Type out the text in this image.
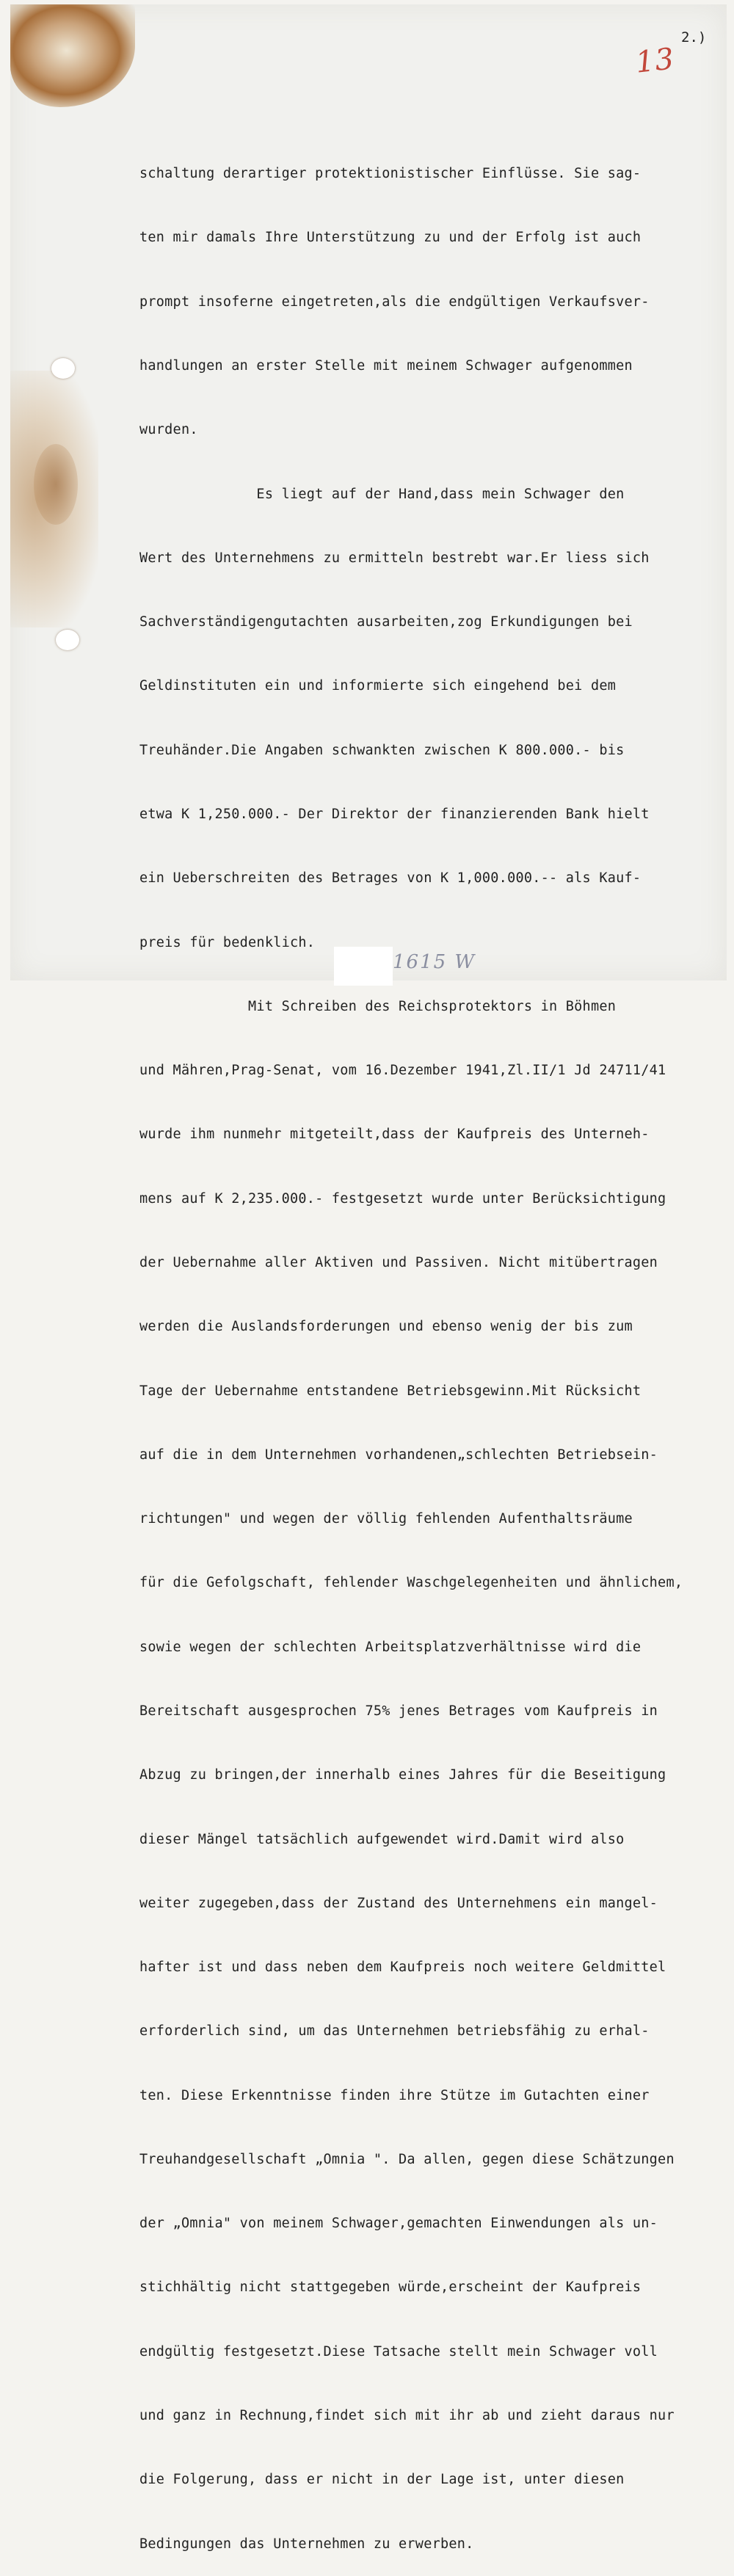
2.)
13

schaltung derartiger protektionistischer Einflüsse. Sie sag-

ten mir damals Ihre Unterstützung zu und der Erfolg ist auch

prompt insoferne eingetreten,als die endgültigen Verkaufsver-

handlungen an erster Stelle mit meinem Schwager aufgenommen

wurden.

Es liegt auf der Hand,dass mein Schwager den

Wert des Unternehmens zu ermitteln bestrebt war.Er liess sich

Sachverständigengutachten ausarbeiten,zog Erkundigungen bei

Geldinstituten ein und informierte sich eingehend bei dem

Treuhänder.Die Angaben schwankten zwischen K 800.000.- bis

etwa K 1,250.000.- Der Direktor der finanzierenden Bank hielt

ein Ueberschreiten des Betrages von K 1,000.000.-- als Kauf-

preis für bedenklich.

Mit Schreiben des Reichsprotektors in Böhmen

und Mähren,Prag-Senat, vom 16.Dezember 1941,Zl.II/1 Jd 24711/41

wurde ihm nunmehr mitgeteilt,dass der Kaufpreis des Unterneh-

mens auf K 2,235.000.- festgesetzt wurde unter Berücksichtigung

der Uebernahme aller Aktiven und Passiven. Nicht mitübertragen

werden die Auslandsforderungen und ebenso wenig der bis zum

Tage der Uebernahme entstandene Betriebsgewinn.Mit Rücksicht

auf die in dem Unternehmen vorhandenen„schlechten Betriebsein-

richtungen" und wegen der völlig fehlenden Aufenthaltsräume

für die Gefolgschaft, fehlender Waschgelegenheiten und ähnlichem,

sowie wegen der schlechten Arbeitsplatzverhältnisse wird die

Bereitschaft ausgesprochen 75% jenes Betrages vom Kaufpreis in

Abzug zu bringen,der innerhalb eines Jahres für die Beseitigung

dieser Mängel tatsächlich aufgewendet wird.Damit wird also

weiter zugegeben,dass der Zustand des Unternehmens ein mangel-

hafter ist und dass neben dem Kaufpreis noch weitere Geldmittel

erforderlich sind, um das Unternehmen betriebsfähig zu erhal-

ten. Diese Erkenntnisse finden ihre Stütze im Gutachten einer

Treuhandgesellschaft „Omnia ". Da allen, gegen diese Schätzungen

der „Omnia" von meinem Schwager,gemachten Einwendungen als un-

stichhältig nicht stattgegeben würde,erscheint der Kaufpreis

endgültig festgesetzt.Diese Tatsache stellt mein Schwager voll

und ganz in Rechnung,findet sich mit ihr ab und zieht daraus nur

die Folgerung, dass er nicht in der Lage ist, unter diesen

Bedingungen das Unternehmen zu erwerben.

1615 W
